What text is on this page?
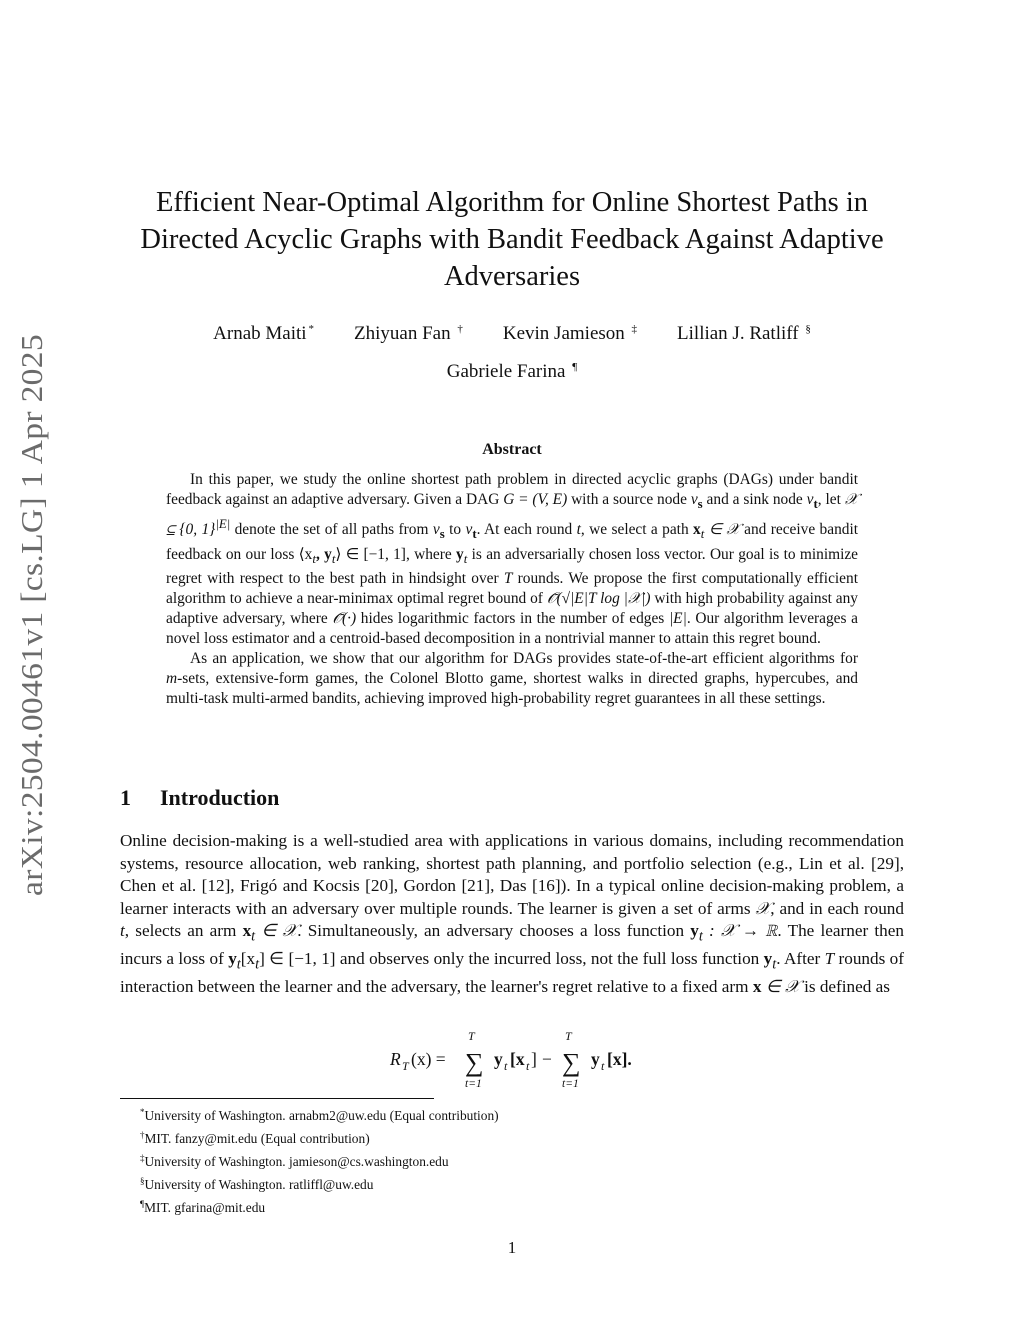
arXiv:2504.00461v1 [cs.LG] 1 Apr 2025
Efficient Near-Optimal Algorithm for Online Shortest Paths in Directed Acyclic Graphs with Bandit Feedback Against Adaptive Adversaries
Arnab Maiti * Zhiyuan Fan † Kevin Jamieson ‡ Lillian J. Ratliff §
Gabriele Farina ¶
Abstract

In this paper, we study the online shortest path problem in directed acyclic graphs (DAGs) under bandit feedback against an adaptive adversary. Given a DAG G = (V, E) with a source node $v_s$ and a sink node $v_t$, let 𝒳 ⊆ {0, 1}$^{|E|}$ denote the set of all paths from $v_s$ to $v_t$. At each round t, we select a path $x_t$ ∈ 𝒳 and receive bandit feedback on our loss $⟨x_t$, $y_t⟩$ ∈ [−1, 1], where $y_t$ is an adversarially chosen loss vector. Our goal is to minimize regret with respect to the best path in hindsight over T rounds. We propose the first computationally efficient algorithm to achieve a near-minimax optimal regret bound of 𝒪̃(√|E|T log |𝒳|) with high probability against any adaptive adversary, where 𝒪̃(·) hides logarithmic factors in the number of edges |E|. Our algorithm leverages a novel loss estimator and a centroid-based decomposition in a nontrivial manner to attain this regret bound.

As an application, we show that our algorithm for DAGs provides state-of-the-art efficient algorithms for m-sets, extensive-form games, the Colonel Blotto game, shortest walks in directed graphs, hypercubes, and multi-task multi-armed bandits, achieving improved high-probability regret guarantees in all these settings.

1 Introduction

Online decision-making is a well-studied area with applications in various domains, including recommendation systems, resource allocation, web ranking, shortest path planning, and portfolio selection (e.g., Lin et al. [29], Chen et al. [12], Frigó and Kocsis [20], Gordon [21], Das [16]). In a typical online decision-making problem, a learner interacts with an adversary over multiple rounds. The learner is given a set of arms 𝒳, and in each round t, selects an arm $x_t$ ∈ 𝒳. Simultaneously, an adversary chooses a loss function $y_t$ : 𝒳 → ℝ. The learner then incurs a loss of $y_t[x_t]$ ∈ [−1, 1] and observes only the incurred loss, not the full loss function $y_t$. After T rounds of interaction between the learner and the adversary, the learner's regret relative to a fixed arm x ∈ 𝒳 is defined as

R T (x) =
T
∑
t=1
y t [x t ] −
T
∑
t=1
y t [x].
*University of Washington. arnabm2@uw.edu (Equal contribution)
†MIT. fanzy@mit.edu (Equal contribution)
‡University of Washington. jamieson@cs.washington.edu
§University of Washington. ratliffl@uw.edu
¶MIT. gfarina@mit.edu
1
